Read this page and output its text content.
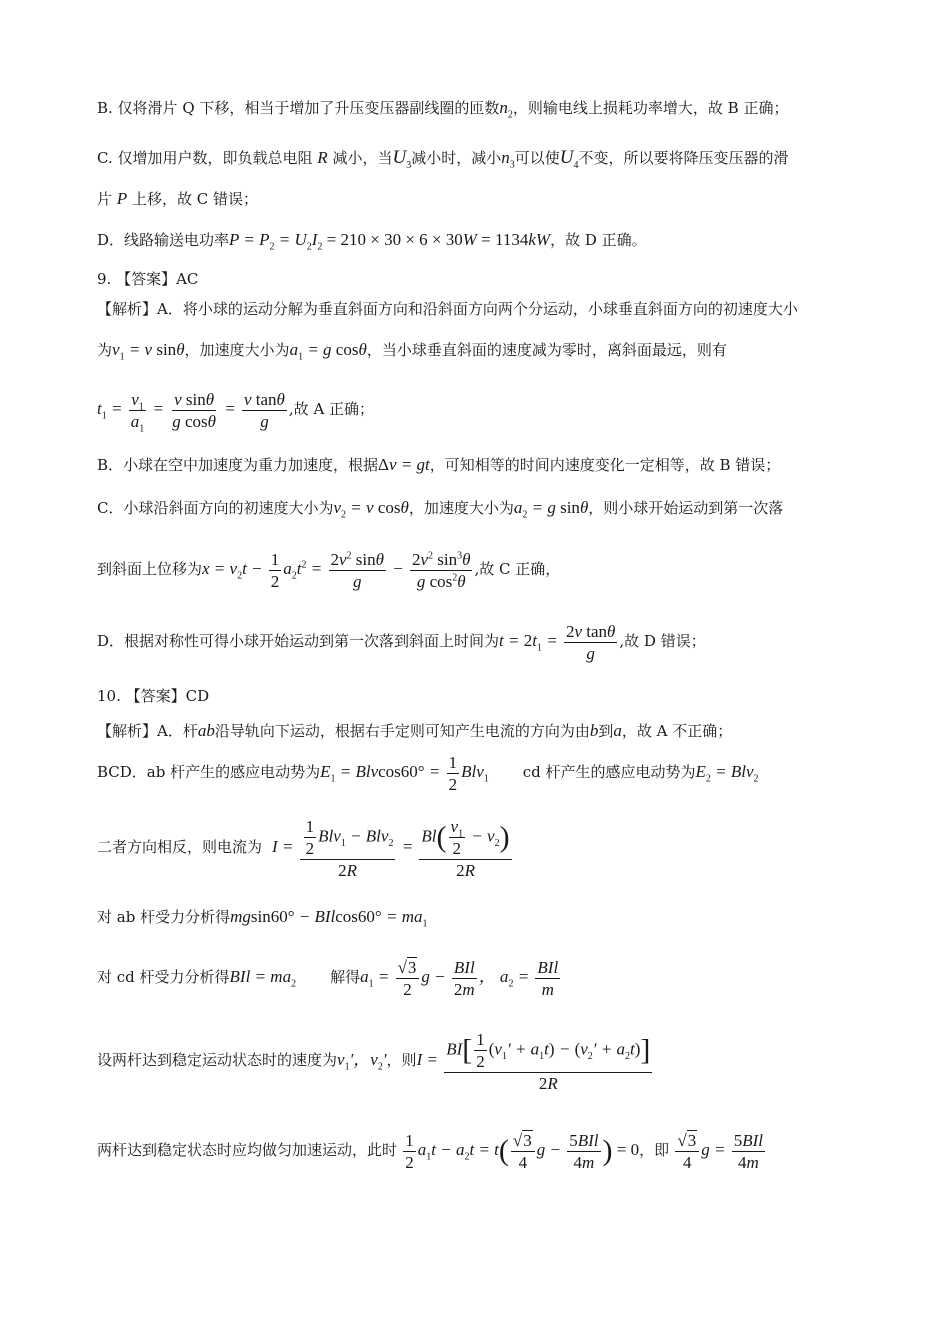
B. 仅将滑片 Q 下移，相当于增加了升压变压器副线圈的匝数$n_2$，则输电线上损耗功率增大，故 B 正确；
C. 仅增加用户数，即负载总电阻 R 减小，当$U_3$减小时，减小$n_3$可以使$U_4$不变，所以要将降压变压器的滑
片 P 上移，故 C 错误；
D．线路输送电功率$P = P_2 = U_2I_2 = 210 \times 30 \times 6 \times 30W = 1134kW$，故 D 正确。
9. 【答案】AC
【解析】A．将小球的运动分解为垂直斜面方向和沿斜面方向两个分运动，小球垂直斜面方向的初速度大小
为$v_1 = v$ sinθ，加速度大小为$a_1 = g$ cosθ，当小球垂直斜面的速度减为零时，离斜面最远，则有
$t_1 = \frac{v_1}{a_1} = \frac{\text{v sinθ}}{\text{g cosθ}} = \frac{\text{v tanθ}}{g}$ ,故 A 正确；
B．小球在空中加速度为重力加速度，根据Δv = gt，可知相等的时间内速度变化一定相等，故 B 错误；
C．小球沿斜面方向的初速度大小为$v_2 = v$ cosθ，加速度大小为$a_2 = g$ sinθ，则小球开始运动到第一次落
到斜面上位移为$x = v_2t - \frac{1}{2} a_2t^2 = \frac{2v^2 \sin\theta}{g} - \frac{2v^2 \sin^3\theta}{g \cos^2\theta}$ ,故 C 正确，
D．根据对称性可得小球开始运动到第一次落到斜面上时间为$t = 2t_1 = \frac{\text{2v tanθ}}{g}$ ,故 D 错误；
10. 【答案】CD
【解析】A．杆ab沿导轨向下运动，根据右手定则可知产生电流的方向为由b到a，故 A 不正确；
BCD．ab 杆产生的感应电动势为$E_1 = Blvcos60^\circ = \frac{1}{2} Blv_1$ cd 杆产生的感应电动势为$E_2 = Blv_2$
二者方向相反，则电流为 $I = \frac{\frac{1}{2} Blv_1 - Blv_2}{2R} = \frac{Bl( \frac{v_1}{2} - v_2)}{2R}$
对 ab 杆受力分析得$mgsin60^\circ - BIlcos60^\circ = ma_1$
对 cd 杆受力分析得BIl = $ma_2$ 解得$a_1 = \frac{√3}{2}$ $g - \frac{\text{BIl}}{2m}$ ， $a_2 = \frac{\text{BIl}}{m}$
设两杆达到稳定运动状态时的速度为$v_1'$，$v_2'$，则$I = \frac{BI[ \frac{1}{2} (v_1' + a_1t) - (v_2' + a_2t)]}{2R}$
两杆达到稳定状态时应均做匀加速运动，此时 $\frac{1}{2} a_1t - a_2t = t( \frac{√3}{4}$ $g - \frac{\text{5BIl}}{4m}$ ) = 0，即 $\frac{√3}{4}$ $g = \frac{\text{5BIl}}{4m}$
